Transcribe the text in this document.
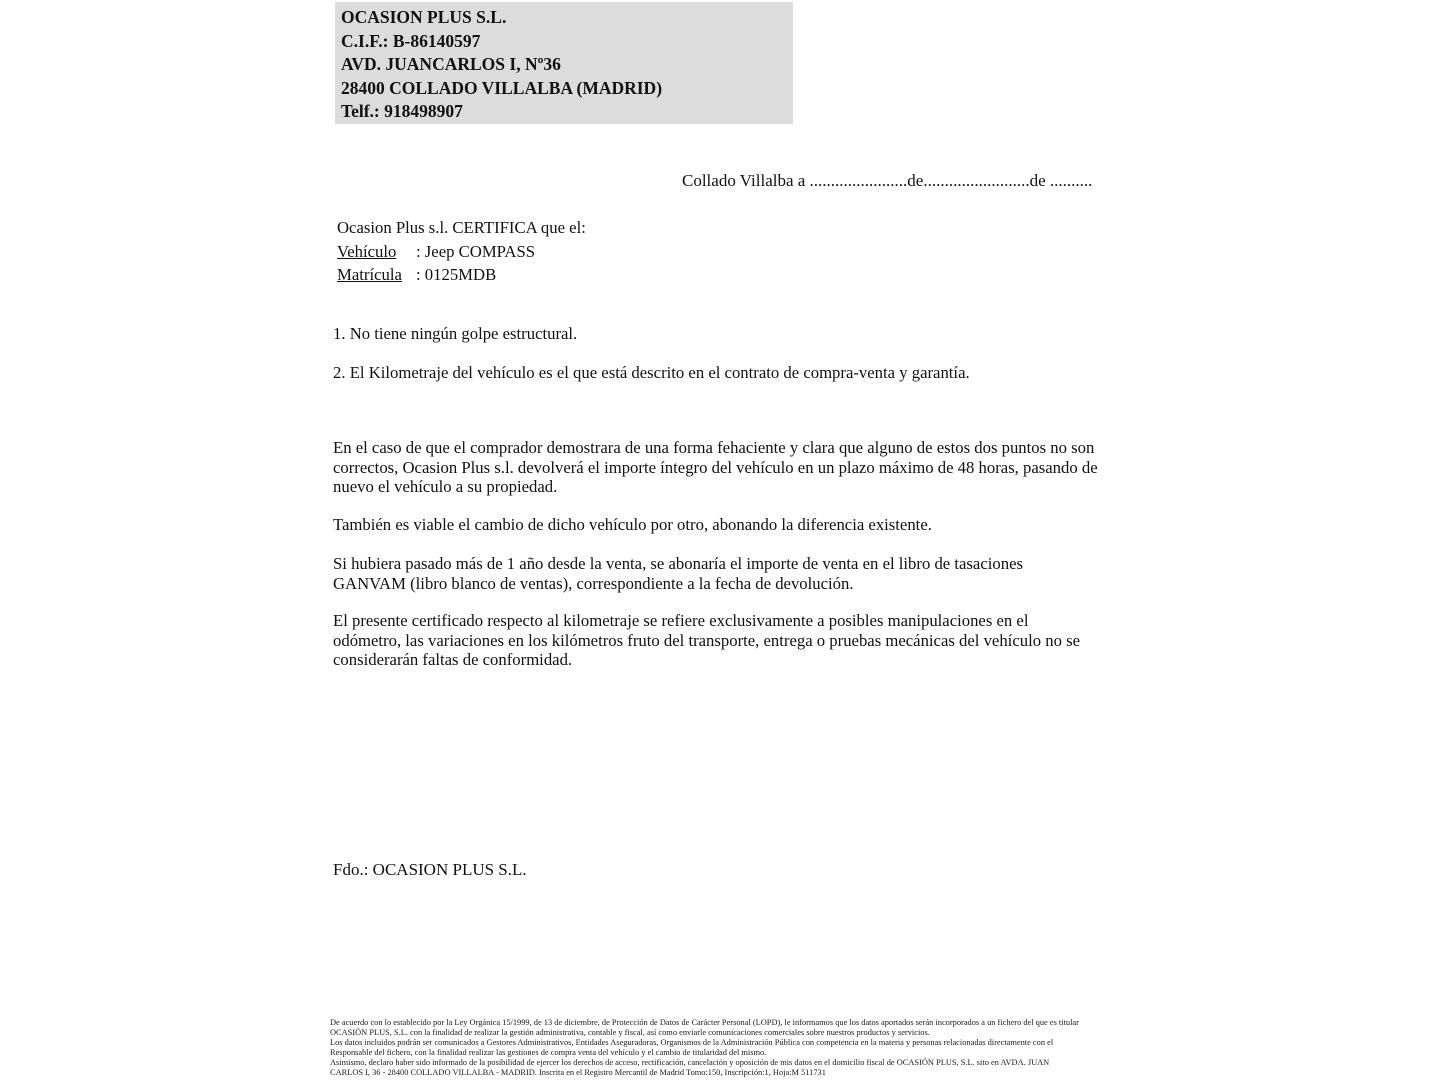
OCASION PLUS S.L.
C.I.F.: B-86140597
AVD. JUANCARLOS I, Nº36
28400 COLLADO VILLALBA (MADRID)
Telf.: 918498907
Collado Villalba a .......................de.........................de ..........
Ocasion Plus s.l. CERTIFICA que el:
Vehículo : Jeep COMPASS
Matrícula : 0125MDB
1. No tiene ningún golpe estructural.
2. El Kilometraje del vehículo es el que está descrito en el contrato de compra-venta y garantía.
En el caso de que el comprador demostrara de una forma fehaciente y clara que alguno de estos dos puntos no son correctos, Ocasion Plus s.l. devolverá el importe íntegro del vehículo en un plazo máximo de 48 horas, pasando de nuevo el vehículo a su propiedad.
También es viable el cambio de dicho vehículo por otro, abonando la diferencia existente.
Si hubiera pasado más de 1 año desde la venta, se abonaría el importe de venta en el libro de tasaciones GANVAM (libro blanco de ventas), correspondiente a la fecha de devolución.
El presente certificado respecto al kilometraje se refiere exclusivamente a posibles manipulaciones en el odómetro, las variaciones en los kilómetros fruto del transporte, entrega o pruebas mecánicas del vehículo no se considerarán faltas de conformidad.
Fdo.: OCASION PLUS S.L.
De acuerdo con lo establecido por la Ley Orgánica 15/1999, de 13 de diciembre, de Protección de Datos de Carácter Personal (LOPD), le informamos que los datos aportados serán incorporados a un fichero del que es titular
OCASIÓN PLUS, S.L. con la finalidad de realizar la gestión administrativa, contable y fiscal, así como enviarle comunicaciones comerciales sobre nuestros productos y servicios.
Los datos incluidos podrán ser comunicados a Gestores Administrativos, Entidades Aseguradoras, Organismos de la Administración Pública con competencia en la materia y personas relacionadas directamente con el
Responsable del fichero, con la finalidad realizar las gestiones de compra venta del vehículo y el cambio de titularidad del mismo.
Asimismo, declaro haber sido informado de la posibilidad de ejercer los derechos de acceso, rectificación, cancelación y oposición de mis datos en el domicilio fiscal de OCASIÓN PLUS, S.L. sito en AVDA. JUAN
CARLOS I, 36 - 28400 COLLADO VILLALBA - MADRID. Inscrita en el Registro Mercantil de Madrid Tomo:150, Inscripción:1, Hoja:M 511731
